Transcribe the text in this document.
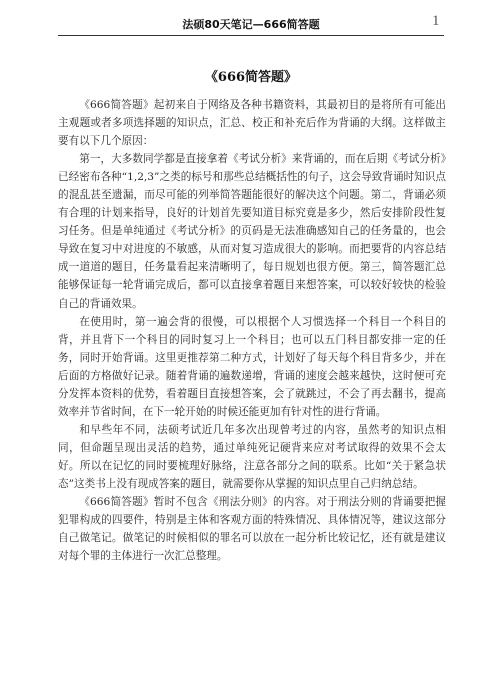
法硕80天笔记—666简答题	1
《666简答题》

《666简答题》起初来自于网络及各种书籍资料，其最初目的是将所有可能出主观题或者多项选择题的知识点，汇总、校正和补充后作为背诵的大纲。这样做主要有以下几个原因：

第一，大多数同学都是直接拿着《考试分析》来背诵的，而在后期《考试分析》已经密布各种“1,2,3”之类的标号和那些总结概括性的句子，这会导致背诵时知识点的混乱甚至遗漏，而尽可能的列举简答题能很好的解决这个问题。第二，背诵必须有合理的计划来指导，良好的计划首先要知道目标究竟是多少，然后安排阶段性复习任务。但是单纯通过《考试分析》的页码是无法准确感知自己的任务量的，也会导致在复习中对进度的不敏感，从而对复习造成很大的影响。而把要背的内容总结成一道道的题目，任务量看起来清晰明了，每日规划也很方便。第三，简答题汇总能够保证每一轮背诵完成后，都可以直接拿着题目来想答案，可以较好较快的检验自己的背诵效果。

在使用时，第一遍会背的很慢，可以根据个人习惯选择一个科目一个科目的背，并且背下一个科目的同时复习上一个科目；也可以五门科目都安排一定的任务，同时开始背诵。这里更推荐第二种方式，计划好了每天每个科目背多少，并在后面的方格做好记录。随着背诵的遍数递增，背诵的速度会越来越快，这时便可充分发挥本资料的优势，看着题目直接想答案，会了就跳过，不会了再去翻书，提高效率并节省时间，在下一轮开始的时候还能更加有针对性的进行背诵。

和早些年不同，法硕考试近几年多次出现曾考过的内容，虽然考的知识点相同，但命题呈现出灵活的趋势，通过单纯死记硬背来应对考试取得的效果不会太好。所以在记忆的同时要梳理好脉络，注意各部分之间的联系。比如“关于紧急状态”这类书上没有现成答案的题目，就需要你从掌握的知识点里自己归纳总结。

《666简答题》暂时不包含《刑法分则》的内容。对于刑法分则的背诵要把握犯罪构成的四要件，特别是主体和客观方面的特殊情况、具体情况等，建议这部分自己做笔记。做笔记的时候相似的罪名可以放在一起分析比较记忆，还有就是建议对每个罪的主体进行一次汇总整理。
